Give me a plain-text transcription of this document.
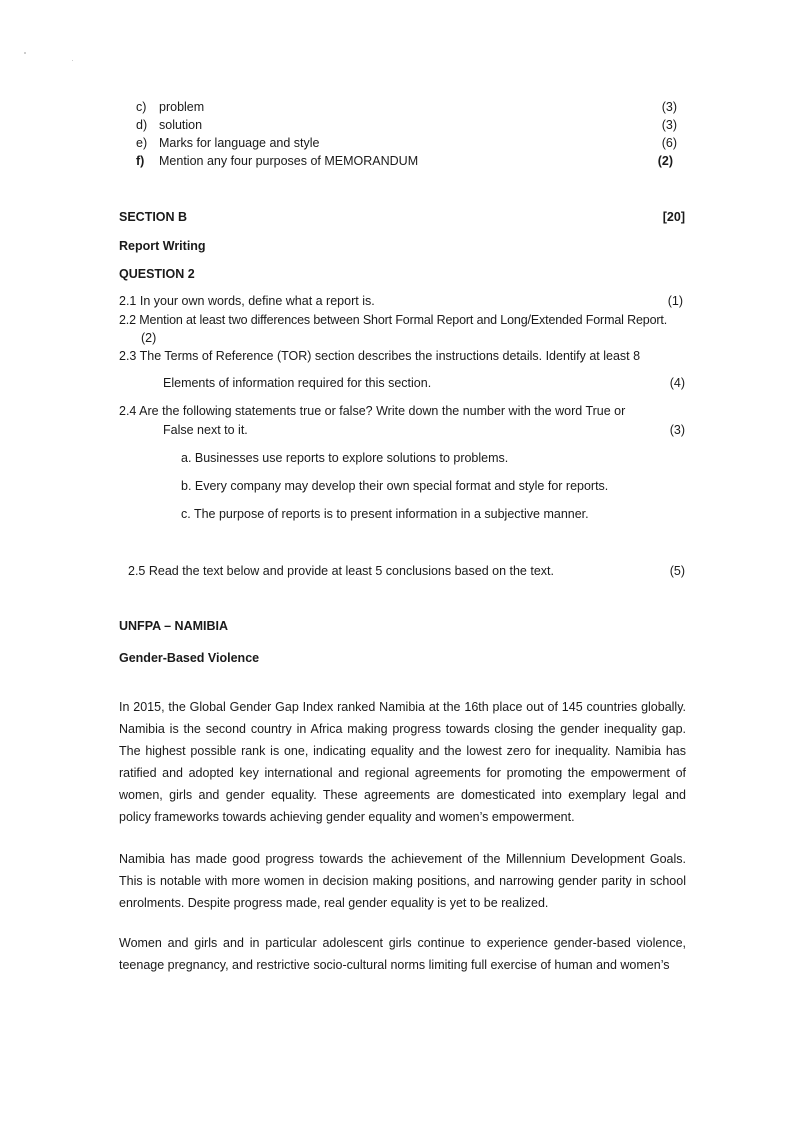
c) problem	(3)
d) solution	(3)
e) Marks for language and style	(6)
f) Mention any four purposes of MEMORANDUM	(2)
SECTION B	[20]
Report Writing
QUESTION 2
2.1 In your own words, define what a report is.	(1)
2.2 Mention at least two differences between Short Formal Report and Long/Extended Formal Report.
(2)
2.3 The Terms of Reference (TOR) section describes the instructions details. Identify at least 8
Elements of information required for this section.	(4)
2.4 Are the following statements true or false? Write down the number with the word True or
False next to it.	(3)
a. Businesses use reports to explore solutions to problems.
b. Every company may develop their own special format and style for reports.
c. The purpose of reports is to present information in a subjective manner.
2.5 Read the text below and provide at least 5 conclusions based on the text.	(5)
UNFPA – NAMIBIA
Gender-Based Violence

In 2015, the Global Gender Gap Index ranked Namibia at the 16th place out of 145 countries globally. Namibia is the second country in Africa making progress towards closing the gender inequality gap. The highest possible rank is one, indicating equality and the lowest zero for inequality. Namibia has ratified and adopted key international and regional agreements for promoting the empowerment of women, girls and gender equality. These agreements are domesticated into exemplary legal and policy frameworks towards achieving gender equality and women’s empowerment.

Namibia has made good progress towards the achievement of the Millennium Development Goals. This is notable with more women in decision making positions, and narrowing gender parity in school enrolments. Despite progress made, real gender equality is yet to be realized.

Women and girls and in particular adolescent girls continue to experience gender-based violence, teenage pregnancy, and restrictive socio-cultural norms limiting full exercise of human and women’s
